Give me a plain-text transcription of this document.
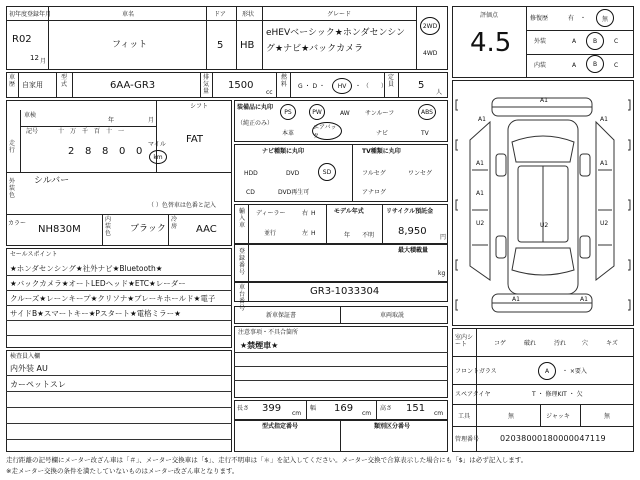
初年度登録年月
R02
12 月
車名
フィット
ドア
5
形状
HB
グレード
eHEVベーシック★ホンダセンシン
グ★ナビ★バックカメラ
2WD
4WD
車歴 自家用
型式	6AA-GR3
排気量
1500
cc
燃料 G ・ D ・	HV	・ （　　）
定員 5
人
車検
年	月
記号	十　万　千　百　十　一
走行	2 8 8 0 0
マイル
km
シフト
FAT
外装色
シルバー
（ ）色替車は色番と記入
カラー
NH830M
内装色 ブラック
冷房 AAC
セールスポイント
★ホンダセンシング★社外ナビ★Bluetooth★
★バックカメラ★オートLEDヘッド★ETC★レーダー
クルーズ★レーンキープ★クリソナ★ブレーキホールド★電子
サイドB★スマートキー★Pスタート★電格ミラー★
検査員入欄
内外装 AU
カーペットスレ
装備品に丸印
（純正のみ）
PS	PW	AW	サンルーフ	ABS
本革
エアバック	ナビ	TV
ナビ種類に丸印	TV種類に丸印
HDD	DVD	SD
CD	DVD再生可
フルセグ	ワンセグ
アナログ
輸入車
ディーラー
並行
右 H
左 H
モデル年式
年 不明
リサイクル預託金
8,950
円
登録番号
最大積載量
kg
車台番号
GR3-1033304
新車保証書	車両取説
注意事項・不具合箇所
★禁煙車★
長さ 399 cm
幅 169 cm
高さ 151 cm
型式指定番号	類別区分番号
評価点
4.5
修復歴	有 ・	無
外装	A	B	C
内装	A	B	C
A1
A1	A1
A1	A1
A1
U2	U2	U2
A1	A1
室内シート	コゲ	破れ	汚れ	穴	キズ
フロントガラス	A	・ ×要入
スペアタイヤ	T ・ 修理KIT ・ 欠
工具	無	ジャッキ	無
管理番号	02038000180000047119
走行距離の記号欄にメーター改ざん車は「＃」、メーター交換車は「$」、走行不明車は「＊」を記入してください。メーター交換で合算表示した場合にも「$」は必ず記入します。
※走メーター交換の条件を満たしていないものはメーター改ざん車となります。
